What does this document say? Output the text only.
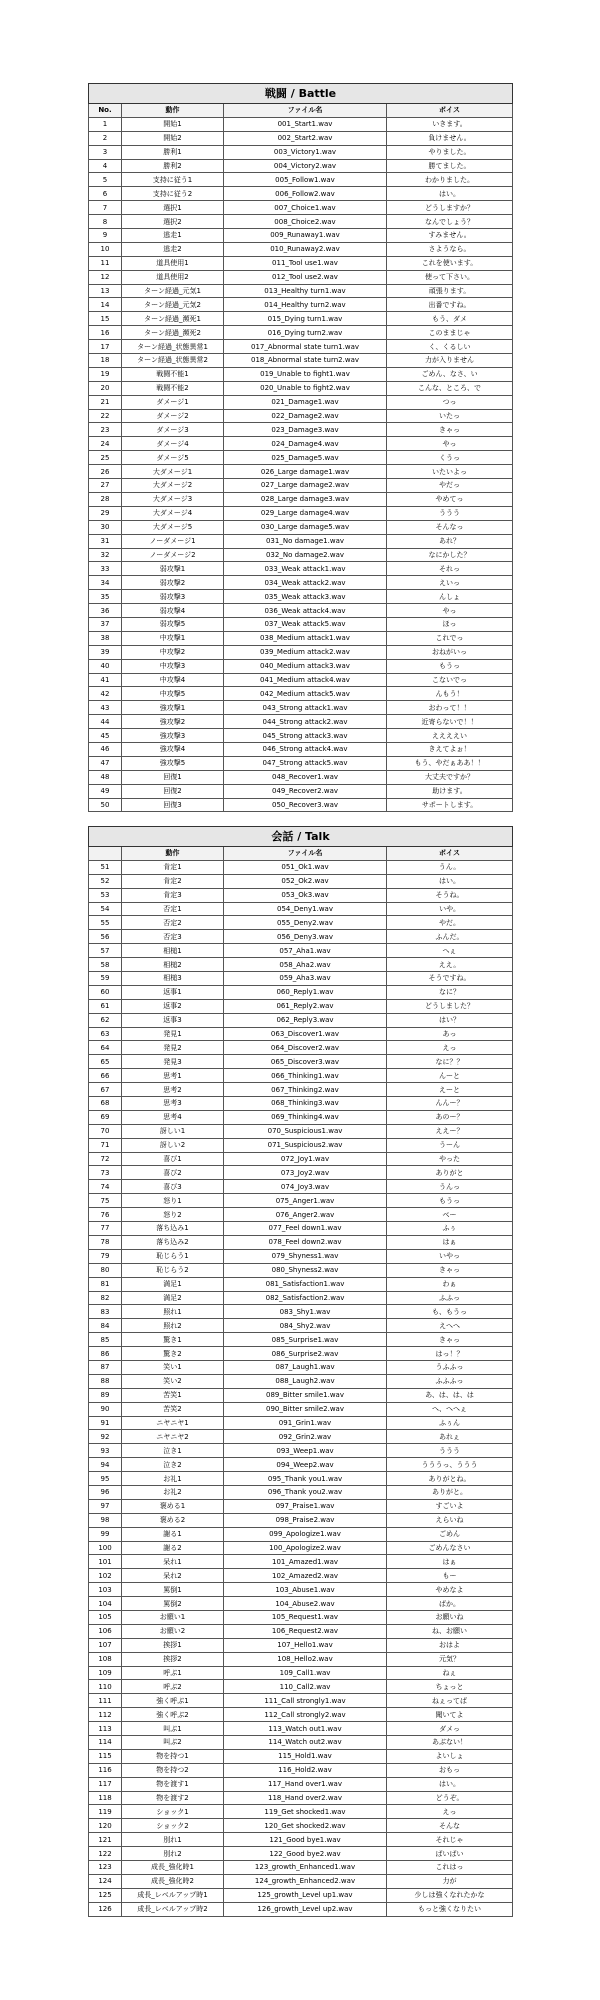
戦闘 / Battle			
No.	動作	ファイル名	ボイス
1	開始1	001_Start1.wav	いきます。
2	開始2	002_Start2.wav	負けません。
3	勝利1	003_Victory1.wav	やりました。
4	勝利2	004_Victory2.wav	勝てました。
5	支持に従う1	005_Follow1.wav	わかりました。
6	支持に従う2	006_Follow2.wav	はい。
7	選択1	007_Choice1.wav	どうしますか？
8	選択2	008_Choice2.wav	なんでしょう？
9	逃走1	009_Runaway1.wav	すみません。
10	逃走2	010_Runaway2.wav	さようなら。
11	道具使用1	011_Tool use1.wav	これを使います。
12	道具使用2	012_Tool use2.wav	使って下さい。
13	ターン経過_元気1	013_Healthy turn1.wav	頑張ります。
14	ターン経過_元気2	014_Healthy turn2.wav	出番ですね。
15	ターン経過_瀕死1	015_Dying turn1.wav	もう、ダメ
16	ターン経過_瀕死2	016_Dying turn2.wav	このままじゃ
17	ターン経過_状態異常1	017_Abnormal state turn1.wav	く、くるしい
18	ターン経過_状態異常2	018_Abnormal state turn2.wav	力が入りません
19	戦闘不能1	019_Unable to fight1.wav	ごめん、なさ、い
20	戦闘不能2	020_Unable to fight2.wav	こんな、ところ、で
21	ダメージ1	021_Damage1.wav	つっ
22	ダメージ2	022_Damage2.wav	いたっ
23	ダメージ3	023_Damage3.wav	きゃっ
24	ダメージ4	024_Damage4.wav	やっ
25	ダメージ5	025_Damage5.wav	くうっ
26	大ダメージ1	026_Large damage1.wav	いたいよっ
27	大ダメージ2	027_Large damage2.wav	やだっ
28	大ダメージ3	028_Large damage3.wav	やめてっ
29	大ダメージ4	029_Large damage4.wav	ううう
30	大ダメージ5	030_Large damage5.wav	そんなっ
31	ノーダメージ1	031_No damage1.wav	あれ？
32	ノーダメージ2	032_No damage2.wav	なにかした？
33	弱攻撃1	033_Weak attack1.wav	それっ
34	弱攻撃2	034_Weak attack2.wav	えいっ
35	弱攻撃3	035_Weak attack3.wav	んしょ
36	弱攻撃4	036_Weak attack4.wav	やっ
37	弱攻撃5	037_Weak attack5.wav	ほっ
38	中攻撃1	038_Medium attack1.wav	これでっ
39	中攻撃2	039_Medium attack2.wav	おねがいっ
40	中攻撃3	040_Medium attack3.wav	もうっ
41	中攻撃4	041_Medium attack4.wav	こないでっ
42	中攻撃5	042_Medium attack5.wav	んもう！
43	強攻撃1	043_Strong attack1.wav	おわって！！
44	強攻撃2	044_Strong attack2.wav	近寄らないで！！
45	強攻撃3	045_Strong attack3.wav	ええええい
46	強攻撃4	046_Strong attack4.wav	きえてよぉ！
47	強攻撃5	047_Strong attack5.wav	もう、やだぁああ！！
48	回復1	048_Recover1.wav	大丈夫ですか？
49	回復2	049_Recover2.wav	助けます。
50	回復3	050_Recover3.wav	サポートします。
会話 / Talk			
	動作	ファイル名	ボイス
51	肯定1	051_Ok1.wav	うん。
52	肯定2	052_Ok2.wav	はい。
53	肯定3	053_Ok3.wav	そうね。
54	否定1	054_Deny1.wav	いや。
55	否定2	055_Deny2.wav	やだ。
56	否定3	056_Deny3.wav	ふんだ。
57	相槌1	057_Aha1.wav	へぇ
58	相槌2	058_Aha2.wav	ええ。
59	相槌3	059_Aha3.wav	そうですね。
60	返事1	060_Reply1.wav	なに？
61	返事2	061_Reply2.wav	どうしました？
62	返事3	062_Reply3.wav	はい？
63	発見1	063_Discover1.wav	あっ
64	発見2	064_Discover2.wav	えっ
65	発見3	065_Discover3.wav	なに？？
66	思考1	066_Thinking1.wav	んーと
67	思考2	067_Thinking2.wav	えーと
68	思考3	068_Thinking3.wav	んんー？
69	思考4	069_Thinking4.wav	あのー？
70	訝しい1	070_Suspicious1.wav	ええー？
71	訝しい2	071_Suspicious2.wav	うーん
72	喜び1	072_Joy1.wav	やった
73	喜び2	073_Joy2.wav	ありがと
74	喜び3	074_Joy3.wav	うんっ
75	怒り1	075_Anger1.wav	もうっ
76	怒り2	076_Anger2.wav	べー
77	落ち込み1	077_Feel down1.wav	ふぅ
78	落ち込み2	078_Feel down2.wav	はぁ
79	恥じらう1	079_Shyness1.wav	いやっ
80	恥じらう2	080_Shyness2.wav	きゃっ
81	満足1	081_Satisfaction1.wav	わぁ
82	満足2	082_Satisfaction2.wav	ふふっ
83	照れ1	083_Shy1.wav	も、もうっ
84	照れ2	084_Shy2.wav	えへへ
85	驚き1	085_Surprise1.wav	きゃっ
86	驚き2	086_Surprise2.wav	はっ！？
87	笑い1	087_Laugh1.wav	うふふっ
88	笑い2	088_Laugh2.wav	ふふふっ
89	苦笑1	089_Bitter smile1.wav	あ、は、は、は
90	苦笑2	090_Bitter smile2.wav	へ、へへぇ
91	ニヤニヤ1	091_Grin1.wav	ふぅん
92	ニヤニヤ2	092_Grin2.wav	あれぇ
93	泣き1	093_Weep1.wav	ううう
94	泣き2	094_Weep2.wav	うううっ、ううう
95	お礼1	095_Thank you1.wav	ありがとね。
96	お礼2	096_Thank you2.wav	ありがと。
97	褒める1	097_Praise1.wav	すごいよ
98	褒める2	098_Praise2.wav	えらいね
99	謝る1	099_Apologize1.wav	ごめん
100	謝る2	100_Apologize2.wav	ごめんなさい
101	呆れ1	101_Amazed1.wav	はぁ
102	呆れ2	102_Amazed2.wav	もー
103	罵倒1	103_Abuse1.wav	やめなよ
104	罵倒2	104_Abuse2.wav	ばか。
105	お願い1	105_Request1.wav	お願いね
106	お願い2	106_Request2.wav	ね、お願い
107	挨拶1	107_Hello1.wav	おはよ
108	挨拶2	108_Hello2.wav	元気？
109	呼ぶ1	109_Call1.wav	ねぇ
110	呼ぶ2	110_Call2.wav	ちょっと
111	強く呼ぶ1	111_Call strongly1.wav	ねぇってば
112	強く呼ぶ2	112_Call strongly2.wav	聞いてよ
113	叫ぶ1	113_Watch out1.wav	ダメっ
114	叫ぶ2	114_Watch out2.wav	あぶない！
115	物を持つ1	115_Hold1.wav	よいしょ
116	物を持つ2	116_Hold2.wav	おもっ
117	物を渡す1	117_Hand over1.wav	はい。
118	物を渡す2	118_Hand over2.wav	どうぞ。
119	ショック1	119_Get shocked1.wav	えっ
120	ショック2	120_Get shocked2.wav	そんな
121	別れ1	121_Good bye1.wav	それじゃ
122	別れ2	122_Good bye2.wav	ばいばい
123	成長_強化時1	123_growth_Enhanced1.wav	これはっ
124	成長_強化時2	124_growth_Enhanced2.wav	力が
125	成長_レベルアップ時1	125_growth_Level up1.wav	少しは強くなれたかな
126	成長_レベルアップ時2	126_growth_Level up2.wav	もっと強くなりたい
